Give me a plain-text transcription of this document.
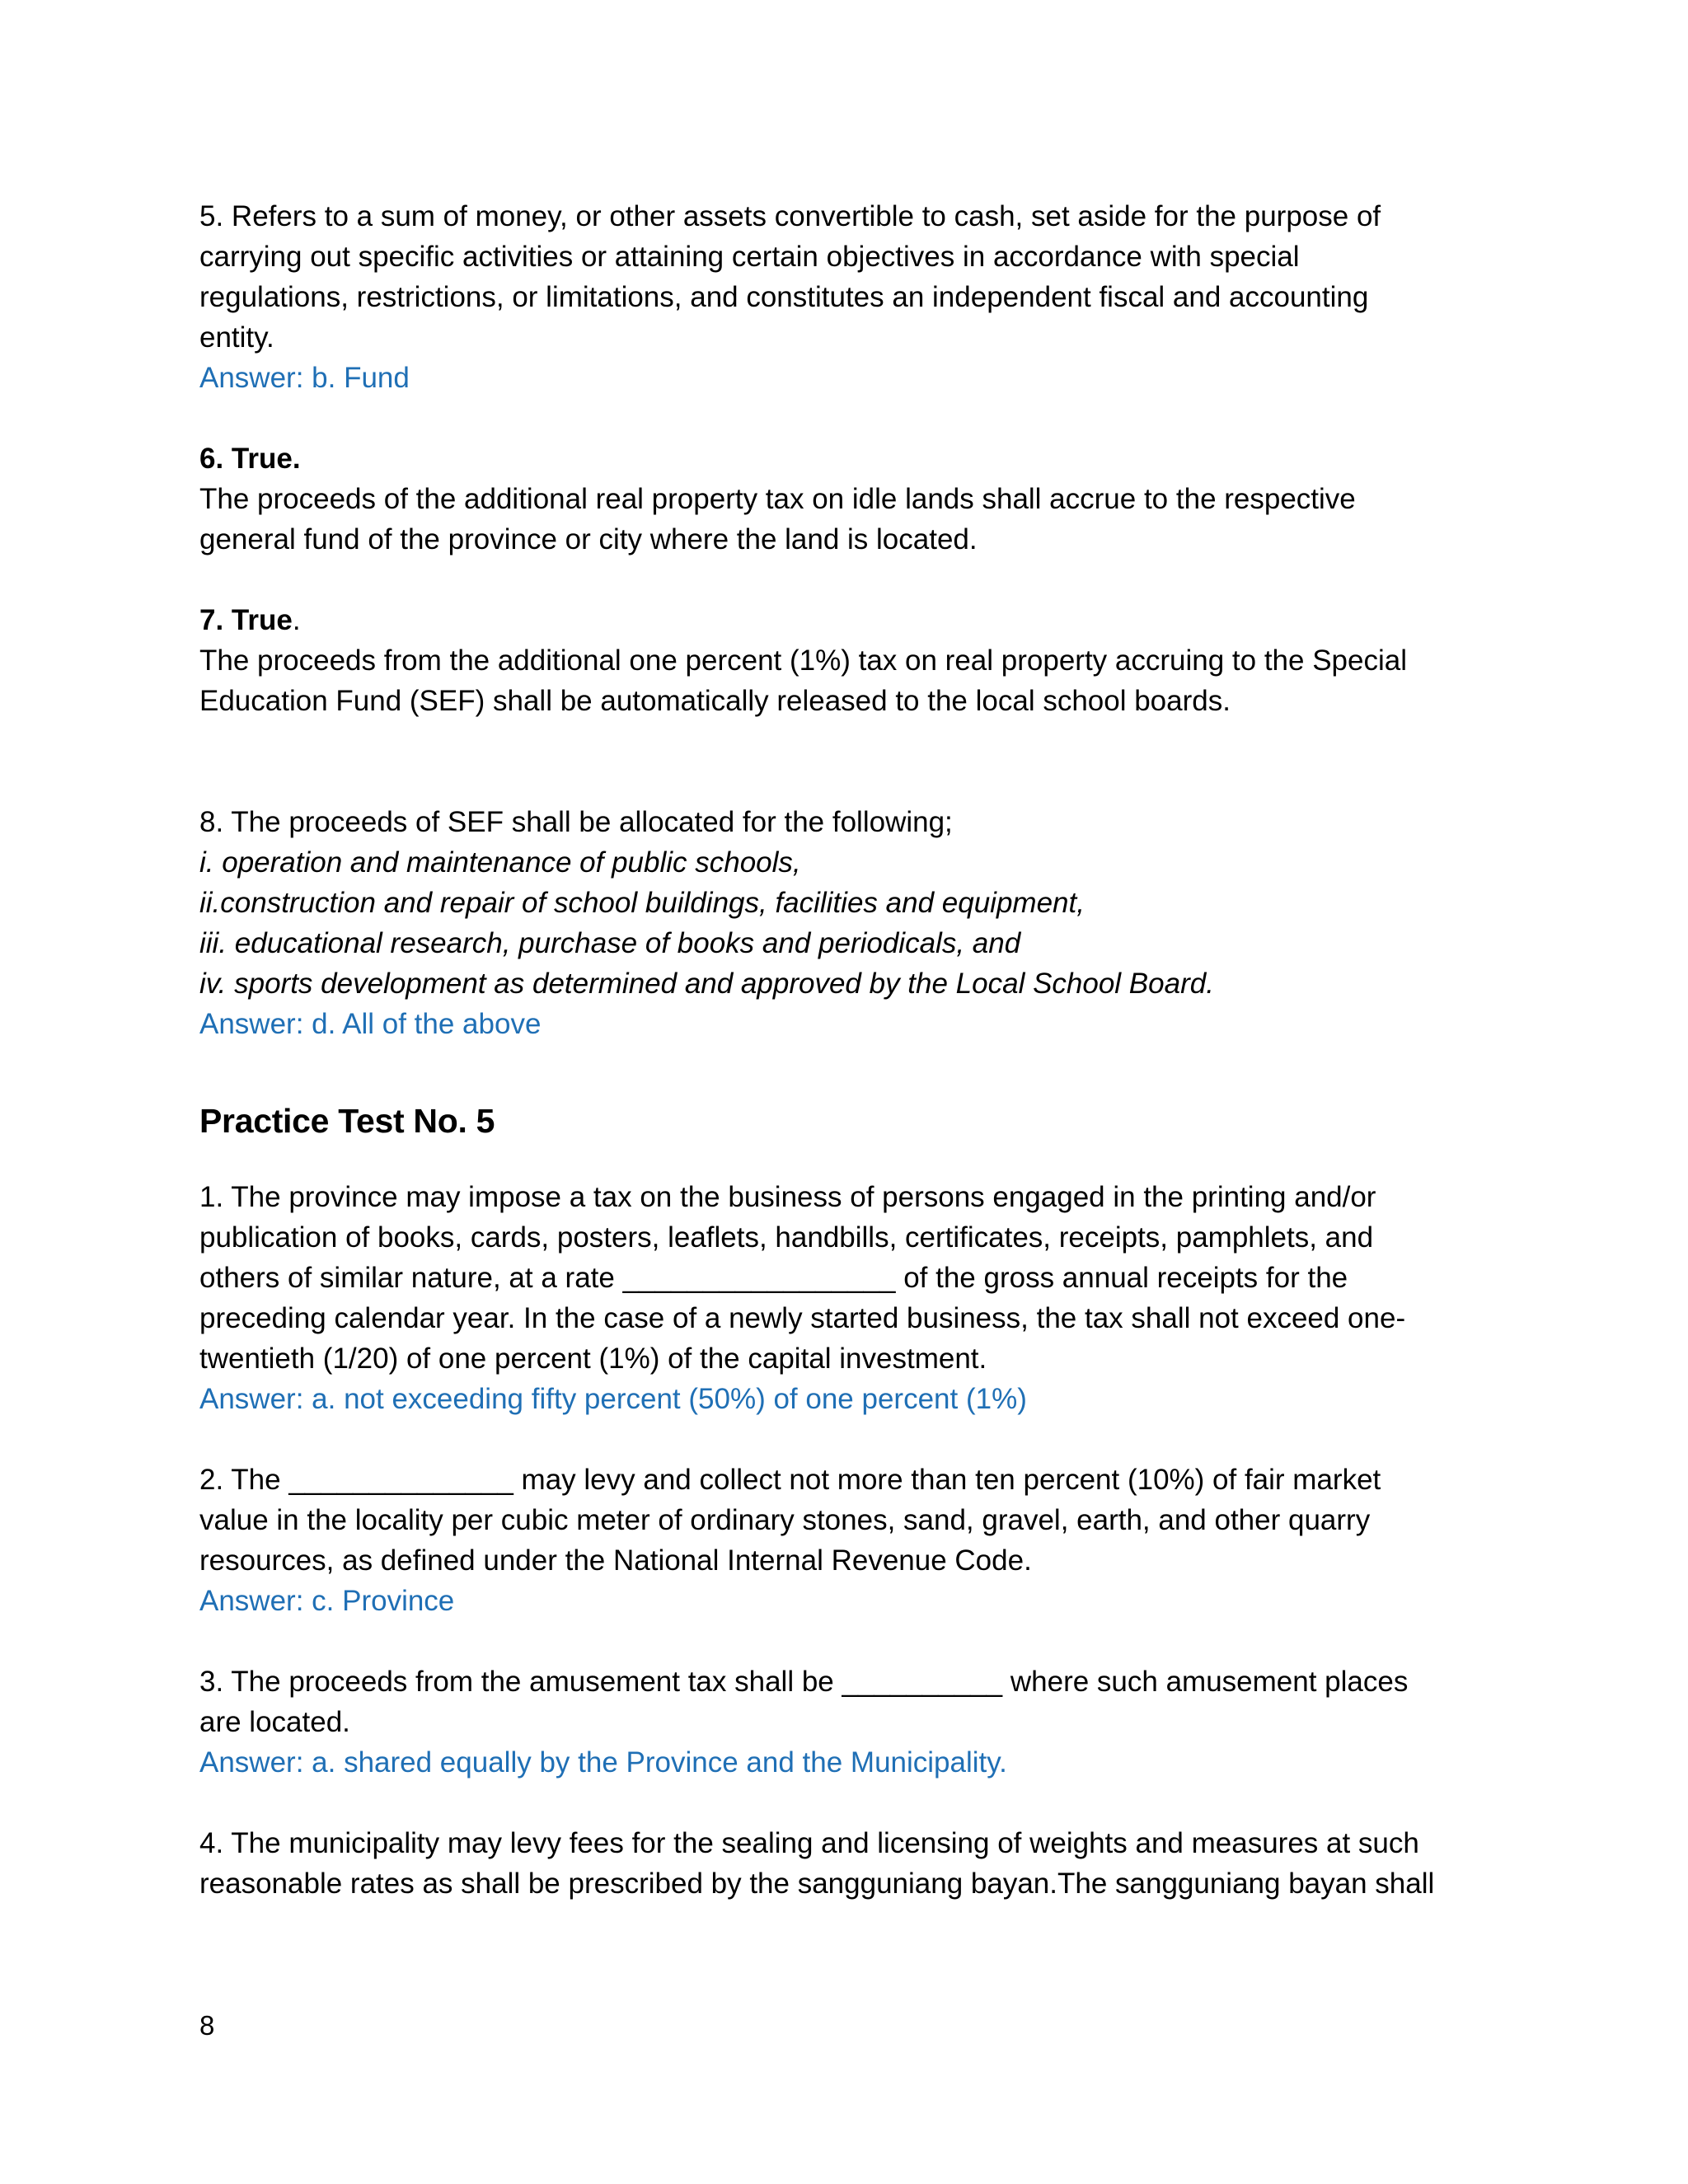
5. Refers to a sum of money, or other assets convertible to cash, set aside for the purpose of
carrying out specific activities or attaining certain objectives in accordance with special
regulations, restrictions, or limitations, and constitutes an independent fiscal and accounting
entity.
Answer: b. Fund
6. True.
The proceeds of the additional real property tax on idle lands shall accrue to the respective
general fund of the province or city where the land is located.
7. True.
The proceeds from the additional one percent (1%) tax on real property accruing to the Special
Education Fund (SEF) shall be automatically released to the local school boards.
8. The proceeds of SEF shall be allocated for the following;
i. operation and maintenance of public schools,
ii.construction and repair of school buildings, facilities and equipment,
iii. educational research, purchase of books and periodicals, and
iv. sports development as determined and approved by the Local School Board.
Answer: d. All of the above
Practice Test No. 5
1. The province may impose a tax on the business of persons engaged in the printing and/or
publication of books, cards, posters, leaflets, handbills, certificates, receipts, pamphlets, and
others of similar nature, at a rate _________________ of the gross annual receipts for the
preceding calendar year. In the case of a newly started business, the tax shall not exceed one-
twentieth (1/20) of one percent (1%) of the capital investment.
Answer: a. not exceeding fifty percent (50%) of one percent (1%)
2. The ______________ may levy and collect not more than ten percent (10%) of fair market
value in the locality per cubic meter of ordinary stones, sand, gravel, earth, and other quarry
resources, as defined under the National Internal Revenue Code.
Answer: c. Province
3. The proceeds from the amusement tax shall be __________ where such amusement places
are located.
Answer: a. shared equally by the Province and the Municipality.
4. The municipality may levy fees for the sealing and licensing of weights and measures at such
reasonable rates as shall be prescribed by the sangguniang bayan.The sangguniang bayan shall
8
